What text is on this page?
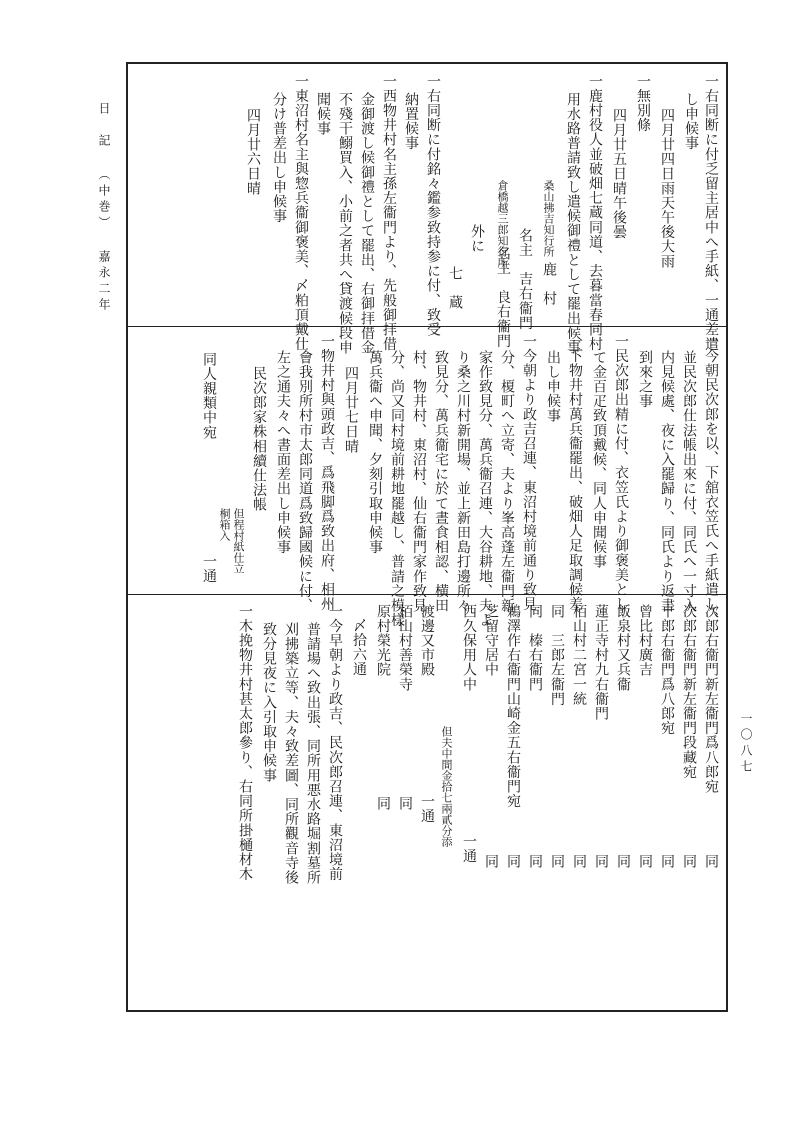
日　記 （中巻） 嘉永二年
一〇八七
一右同断に付乏留主居中へ手紙、一通差遣
し申候事
四月廿四日雨天午後大雨
一無別條
四月廿五日晴午後曇
一鹿村役人並破畑七蔵同道、去暮當春同村
用水路普請致し遣候御禮として罷出候事
桑山拂吉知行所
鹿　村
名主　吉右衞門
倉橋越三郎知行所
名主　良右衞門
外に
七　蔵
一右同断に付銘々鑑参致持参に付、致受
納置候事
一西物井村名主孫左衞門より、先般御拝借
金御渡し候御禮として罷出、右御拝借金
不殘干鰯買入、小前之者共へ貸渡候段申
聞候事
一東沼村名主與惣兵衞御褒美、〆粕頂戴仕
分け普差出し申候事
四月廿六日晴
一今朝民次郎を以、下舘衣笠氏へ手紙遣し、
並民次郎仕法帳出來に付、同氏へ一寸入
内見候處、夜に入罷歸り、同氏より返書
到來之事
一民次郎出精に付、衣笠氏より御褒美とし
て金百疋致頂戴候、同人申聞候事
一下物井村萬兵衞罷出、破畑人足取調候差
出し申候事
一今朝より政吉召連、東沼村境前通り致見
分、榎町へ立寄、夫より峯高蓬左衞門新
家作致見分、萬兵衞召連、大谷耕地、夫よ
り桑之川村新開場、並上新田島打邊所々
致見分、萬兵衞宅に於て晝食相認、横田
村、物井村、東沼村、仙右衞門家作致見
分、尚又同村境前耕地罷越し、普請之模樣
萬兵衞へ申聞、夕刻引取申候事
四月廿七日晴
一物井村與頭政吉、爲飛脚爲致出府、相州
會我別所村市太郎同道爲致歸國候に付、
左之通夫々へ書面差出し申候事
民次郎家株相續仕法帳
但程村紙仕立
桐箱入
一通
同人親類中宛
次郎右衞門新左衞門爲八郎宛
同
次郎右衞門新左衞門段藏宛
同
十郎右衞門爲八郎宛
同
曾比村廣吉
同
飯泉村又兵衞
同
蓮正寺村九右衞門
同
栢山村二宮一統
同
同　三郎左衞門
同
同　榛右衞門
同
鵜澤作右衞門山崎金五右衞門宛
同
芝留守居中
同
西久保用人中
一通
但夫中間金拾七兩貳分添
渡邊又市殿
一通
栢山村善榮寺
同
原村榮光院
同
〆拾六通
一今早朝より政吉、民次郎召連、東沼境前
普請場へ致出張、同所用悪水路堀割墓所
刈拂築立等、夫々致差圖、同所觀音寺後
致分見夜に入引取申候事
一木挽物井村甚太郎參り、右同所掛樋材木
